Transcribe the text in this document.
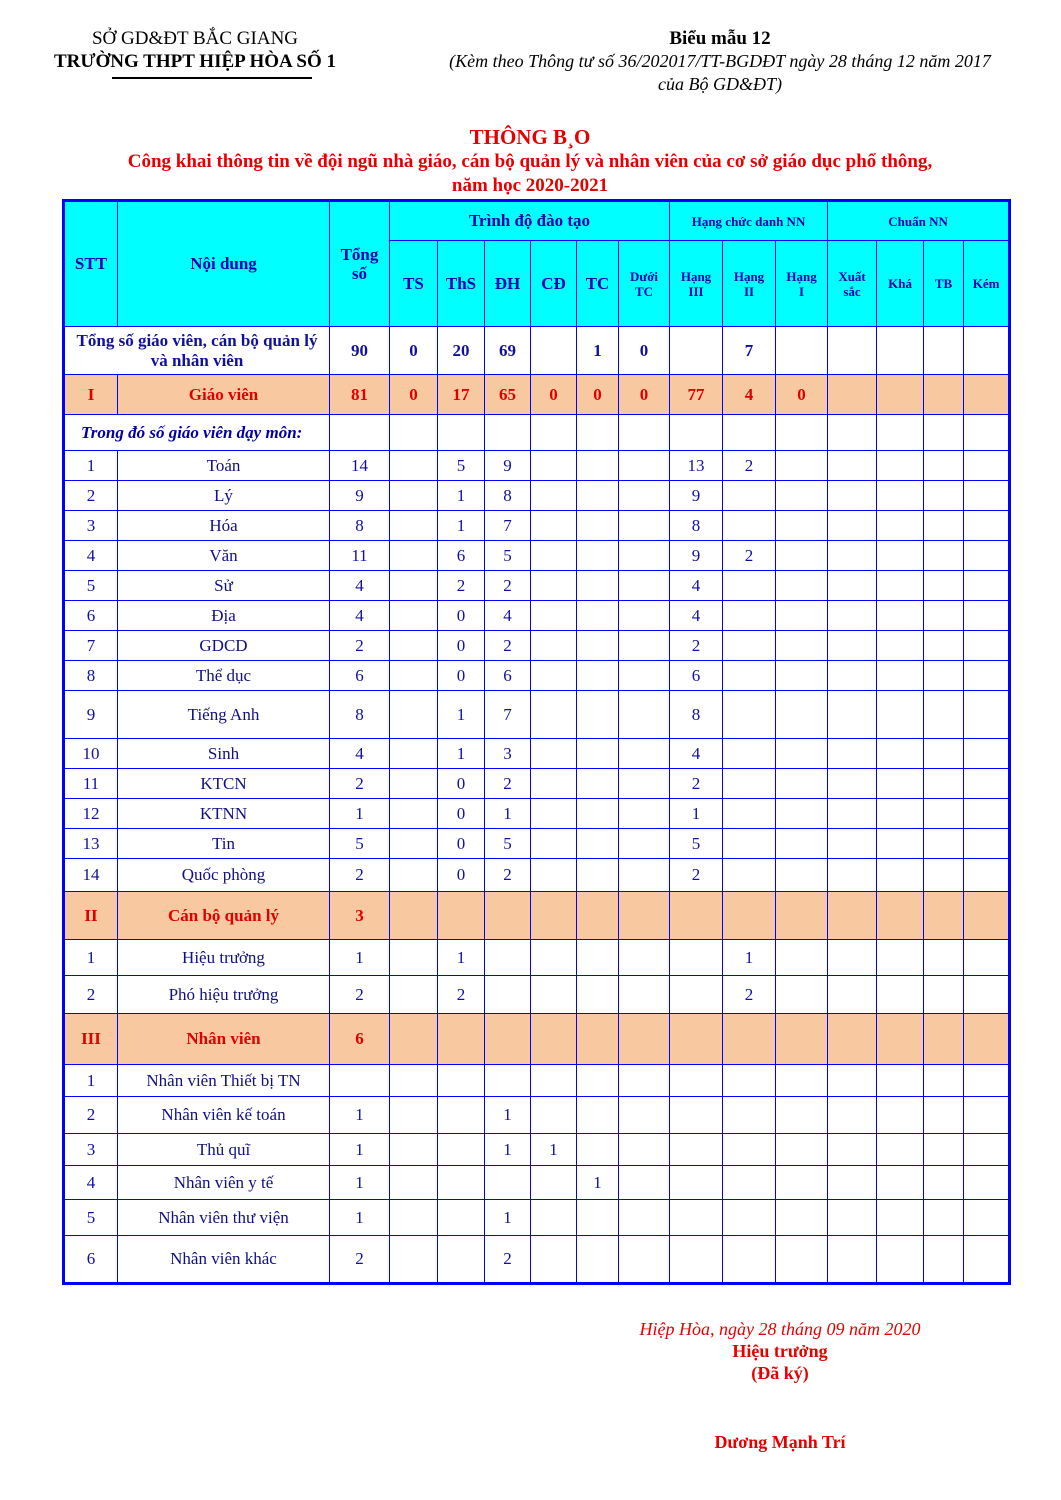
SỞ GD&ĐT BẮC GIANG
TRƯỜNG THPT HIỆP HÒA SỐ 1
Biểu mẫu 12
(Kèm theo Thông tư số 36/202017/TT-BGDĐT ngày 28 tháng 12 năm 2017
của Bộ GD&ĐT)
THÔNG B¸O
Công khai thông tin về đội ngũ nhà giáo, cán bộ quản lý và nhân viên của cơ sở giáo dục phổ thông,
năm học 2020-2021
STT	Nội dung	Tổng số	Trình độ đào tạo						Hạng chức danh NN			Chuẩn NN			
			TS	ThS	ĐH	CĐ	TC	Dưới TC	Hạng III	Hạng II	Hạng I	Xuất sắc	Khá	TB	Kém
Tổng số giáo viên, cán bộ quản lý và nhân viên		90	0	20	69		1	0		7					
I	Giáo viên	81	0	17	65	0	0	0	77	4	0				
Trong đó số giáo viên dạy môn:															
1	Toán	14		5	9				13	2					
2	Lý	9		1	8				9						
3	Hóa	8		1	7				8						
4	Văn	11		6	5				9	2					
5	Sử	4		2	2				4						
6	Địa	4		0	4				4						
7	GDCD	2		0	2				2						
8	Thể dục	6		0	6				6						
9	Tiếng Anh	8		1	7				8						
10	Sinh	4		1	3				4						
11	KTCN	2		0	2				2						
12	KTNN	1		0	1				1						
13	Tin	5		0	5				5						
14	Quốc phòng	2		0	2				2						
II	Cán bộ quản lý	3													
1	Hiệu trưởng	1		1						1					
2	Phó hiệu trưởng	2		2						2					
III	Nhân viên	6													
1	Nhân viên Thiết bị TN														
2	Nhân viên kế toán	1			1										
3	Thủ quĩ	1			1	1									
4	Nhân viên y tế	1					1								
5	Nhân viên thư viện	1			1										
6	Nhân viên khác	2			2										
Hiệp Hòa, ngày 28 tháng 09 năm 2020
Hiệu trưởng
(Đã ký)
Dương Mạnh Trí
